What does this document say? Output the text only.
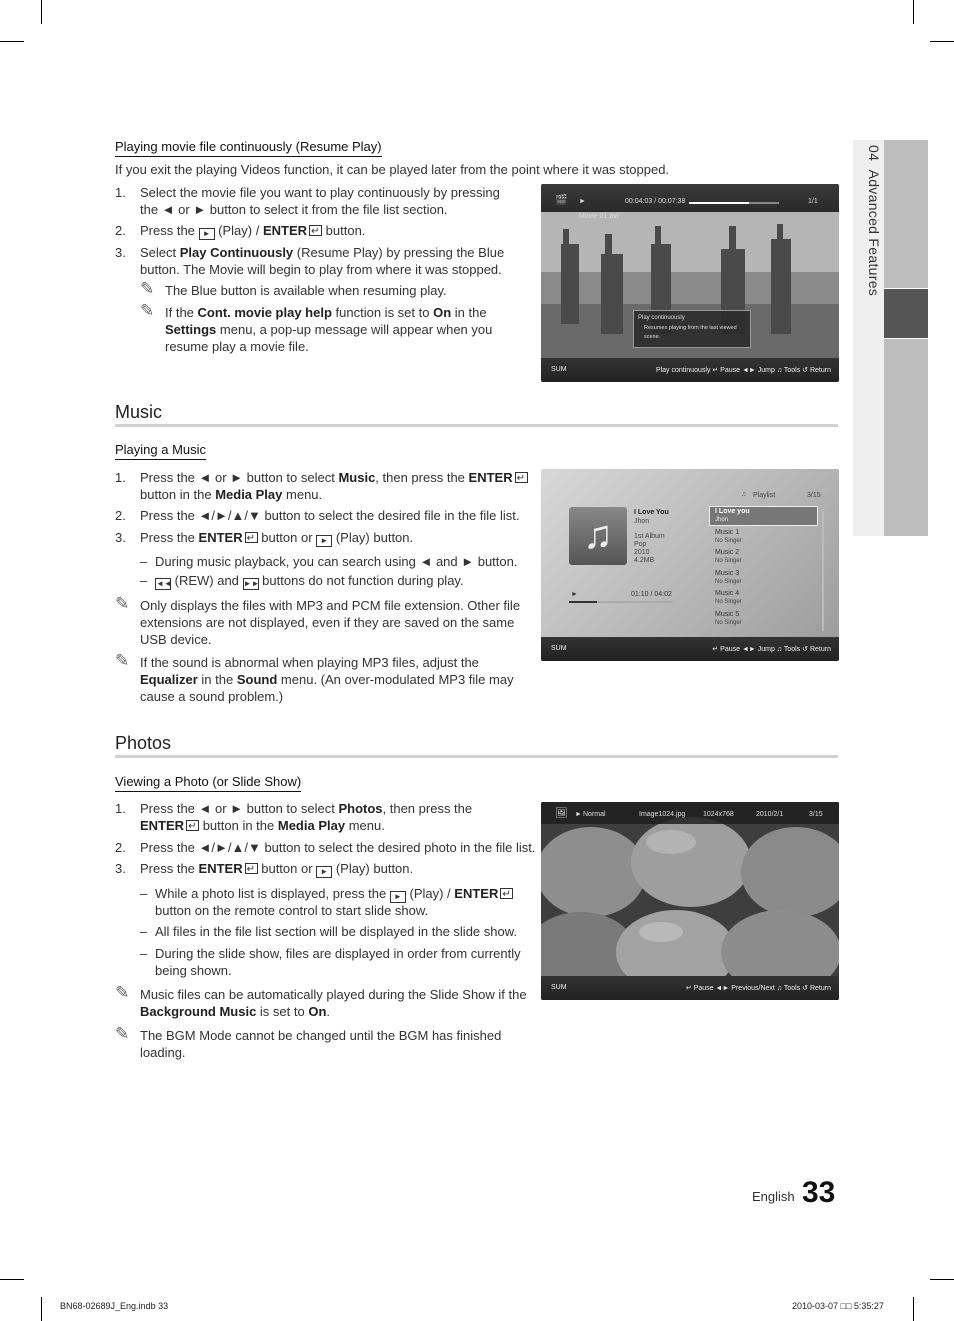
04  Advanced Features
Playing movie file continuously (Resume Play)
If you exit the playing Videos function, it can be played later from the point where it was stopped.
1. Select the movie file you want to play continuously by pressing
the ◄ or ► button to select it from the file list section.
2. Press the ► (Play) / ENTER ↵ button.
3. Select Play Continuously (Resume Play) by pressing the Blue
button. The Movie will begin to play from where it was stopped.
✎ The Blue button is available when resuming play.
✎ If the Cont. movie play help function is set to On in the
Settings menu, a pop-up message will appear when you
resume play a movie file.
🎬 ►	00:04:03 / 00:07:38	1/1
Movie 01.avi
Play continuously
Resumes playing from the last viewed
scene.
SUM	Play continuously ↵ Pause ◄► Jump ♫ Tools ↺ Return
Music
Playing a Music
1. Press the ◄ or ► button to select Music, then press the ENTER↵
button in the Media Play menu.
2. Press the ◄/►/▲/▼ button to select the desired file in the file list.
3. Press the ENTER ↵ button or ► (Play) button.
– During music playback, you can search using ◄ and ► button.
– ◄◄ (REW) and ►► buttons do not function during play.
✎ Only displays the files with MP3 and PCM file extension. Other file
extensions are not displayed, even if they are saved on the same
USB device.
✎ If the sound is abnormal when playing MP3 files, adjust the
Equalizer in the Sound menu. (An over-modulated MP3 file may
cause a sound problem.)
♫ Playlist	3/15
♫
I Love You
Jhon
1st Album
Pop
2010
4.2MB
►	01:10 / 04:02
I Love you
Jhon
Music 1
No Singer
Music 2
No Singer
Music 3
No Singer
Music 4
No Singer
Music 5
No Singer
SUM	↵ Pause ◄► Jump ♫ Tools ↺ Return
Photos
Viewing a Photo (or Slide Show)
1. Press the ◄ or ► button to select Photos, then press the
ENTER ↵ button in the Media Play menu.
2. Press the ◄/►/▲/▼ button to select the desired photo in the file list.
3. Press the ENTER ↵ button or ► (Play) button.
– While a photo list is displayed, press the ► (Play) / ENTER↵
button on the remote control to start slide show.
– All files in the file list section will be displayed in the slide show.
– During the slide show, files are displayed in order from currently
being shown.
✎ Music files can be automatically played during the Slide Show if the
Background Music is set to On.
✎ The BGM Mode cannot be changed until the BGM has finished
loading.
🖼 ► Normal	Image1024.jpg	1024x768	2010/2/1	3/15
SUM	↵ Pause ◄► Previous/Next ♫ Tools ↺ Return
English 33
BN68-02689J_Eng.indb 33	2010-03-07 □□ 5:35:27
